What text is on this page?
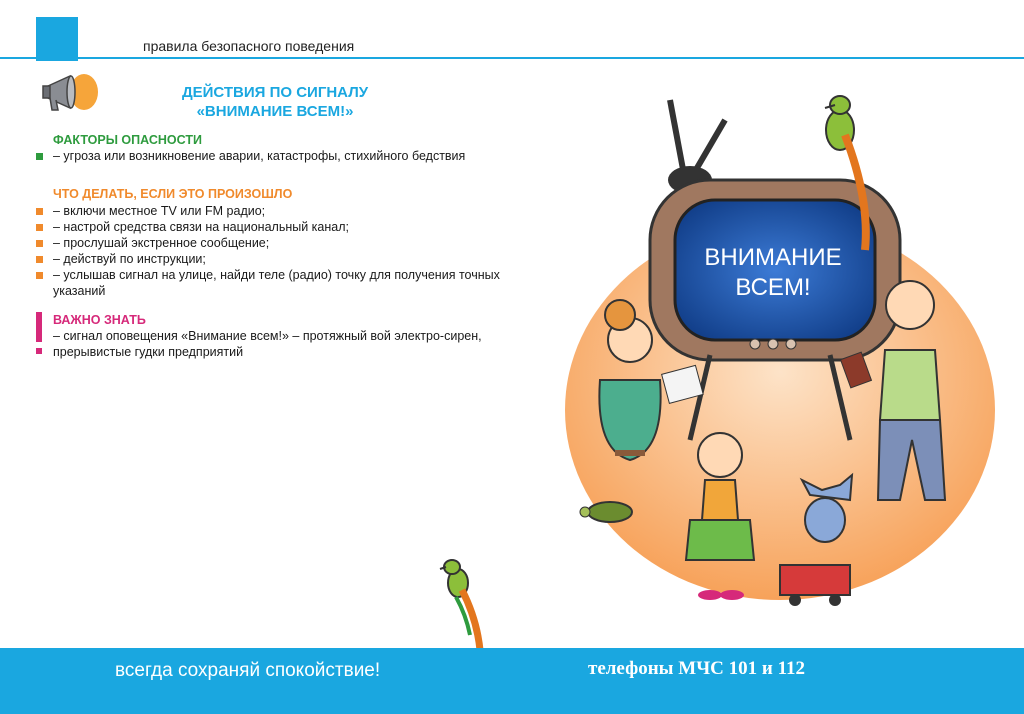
правила безопасного поведения
ДЕЙСТВИЯ ПО СИГНАЛУ
«ВНИМАНИЕ ВСЕМ!»
ФАКТОРЫ ОПАСНОСТИ
– угроза или возникновение аварии, катастрофы, стихийного бедствия
ЧТО ДЕЛАТЬ, ЕСЛИ ЭТО ПРОИЗОШЛО
– включи местное TV или FM радио;
– настрой средства связи на национальный канал;
– прослушай экстренное сообщение;
– действуй по инструкции;
– услышав сигнал на улице, найди теле (радио) точку для получения точных указаний
ВАЖНО ЗНАТЬ
– сигнал оповещения «Внимание всем!» – протяжный вой электро-сирен, прерывистые гудки предприятий
ВНИМАНИЕ
ВСЕМ!
всегда сохраняй спокойствие!	телефоны МЧС 101 и 112
